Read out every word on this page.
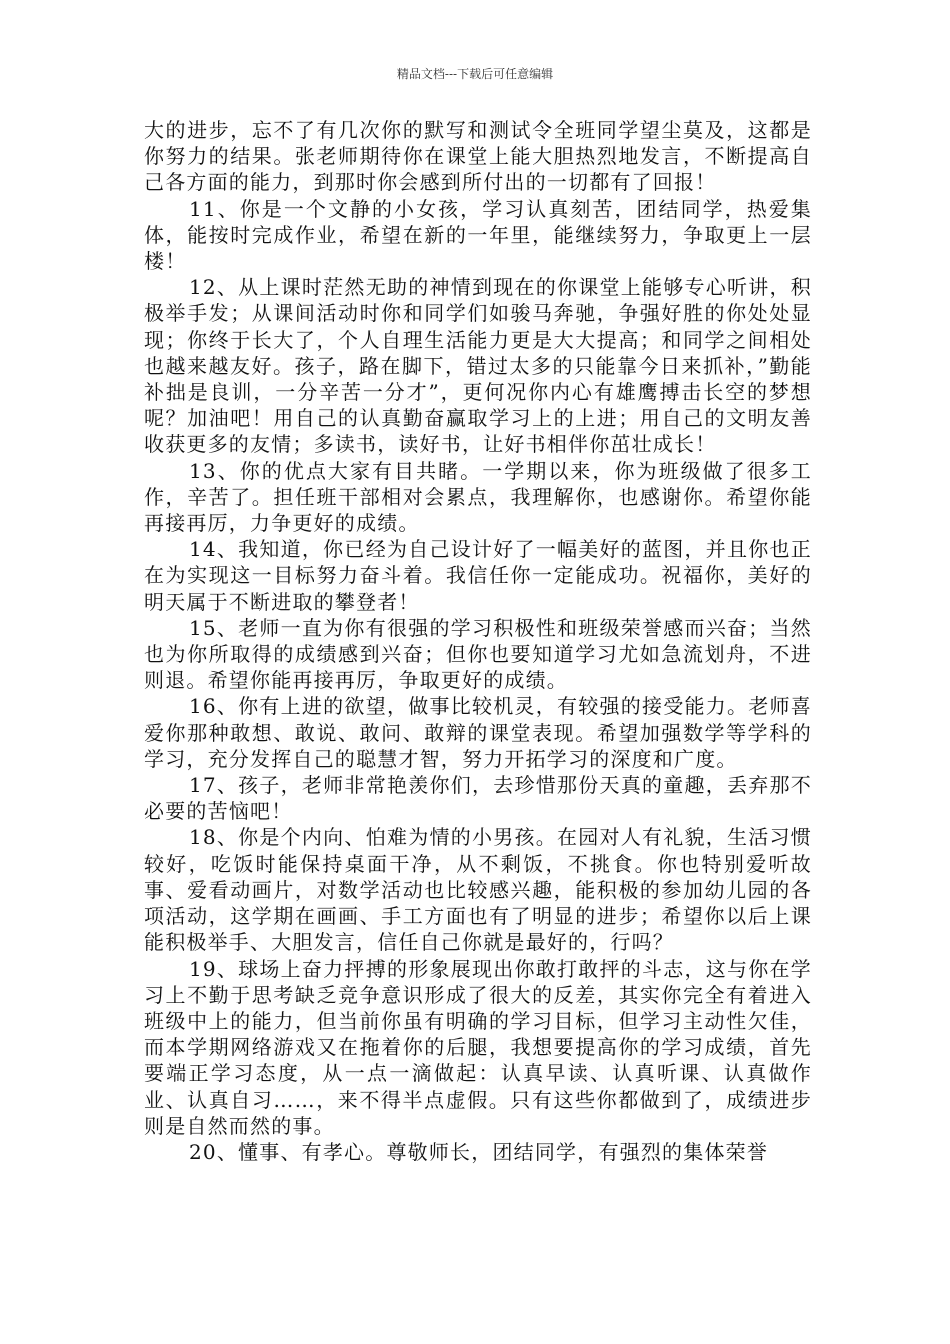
精品文档---下载后可任意编辑

大的进步，忘不了有几次你的默写和测试令全班同学望尘莫及，这都是你努力的结果。张老师期待你在课堂上能大胆热烈地发言，不断提高自己各方面的能力，到那时你会感到所付出的一切都有了回报！

11、你是一个文静的小女孩，学习认真刻苦，团结同学，热爱集体，能按时完成作业，希望在新的一年里，能继续努力，争取更上一层楼！

12、从上课时茫然无助的神情到现在的你课堂上能够专心听讲，积极举手发；从课间活动时你和同学们如骏马奔驰，争强好胜的你处处显现；你终于长大了，个人自理生活能力更是大大提高；和同学之间相处也越来越友好。孩子，路在脚下，错过太多的只能靠今日来抓补，”勤能补拙是良训，一分辛苦一分才”，更何况你内心有雄鹰搏击长空的梦想呢？加油吧！用自己的认真勤奋赢取学习上的上进；用自己的文明友善收获更多的友情；多读书，读好书，让好书相伴你茁壮成长！

13、你的优点大家有目共睹。一学期以来，你为班级做了很多工作，辛苦了。担任班干部相对会累点，我理解你，也感谢你。希望你能再接再厉，力争更好的成绩。

14、我知道，你已经为自己设计好了一幅美好的蓝图，并且你也正在为实现这一目标努力奋斗着。我信任你一定能成功。祝福你，美好的明天属于不断进取的攀登者！

15、老师一直为你有很强的学习积极性和班级荣誉感而兴奋；当然也为你所取得的成绩感到兴奋；但你也要知道学习尤如急流划舟，不进则退。希望你能再接再厉，争取更好的成绩。

16、你有上进的欲望，做事比较机灵，有较强的接受能力。老师喜爱你那种敢想、敢说、敢问、敢辩的课堂表现。希望加强数学等学科的学习，充分发挥自己的聪慧才智，努力开拓学习的深度和广度。

17、孩子，老师非常艳羡你们，去珍惜那份天真的童趣，丢弃那不必要的苦恼吧！

18、你是个内向、怕难为情的小男孩。在园对人有礼貌，生活习惯较好，吃饭时能保持桌面干净，从不剩饭，不挑食。你也特别爱听故事、爱看动画片，对数学活动也比较感兴趣，能积极的参加幼儿园的各项活动，这学期在画画、手工方面也有了明显的进步；希望你以后上课能积极举手、大胆发言，信任自己你就是最好的，行吗？

19、球场上奋力抨搏的形象展现出你敢打敢抨的斗志，这与你在学习上不勤于思考缺乏竞争意识形成了很大的反差，其实你完全有着进入班级中上的能力，但当前你虽有明确的学习目标，但学习主动性欠佳，而本学期网络游戏又在拖着你的后腿，我想要提高你的学习成绩，首先要端正学习态度，从一点一滴做起：认真早读、认真听课、认真做作业、认真自习……，来不得半点虚假。只有这些你都做到了，成绩进步则是自然而然的事。

20、懂事、有孝心。尊敬师长，团结同学，有强烈的集体荣誉
